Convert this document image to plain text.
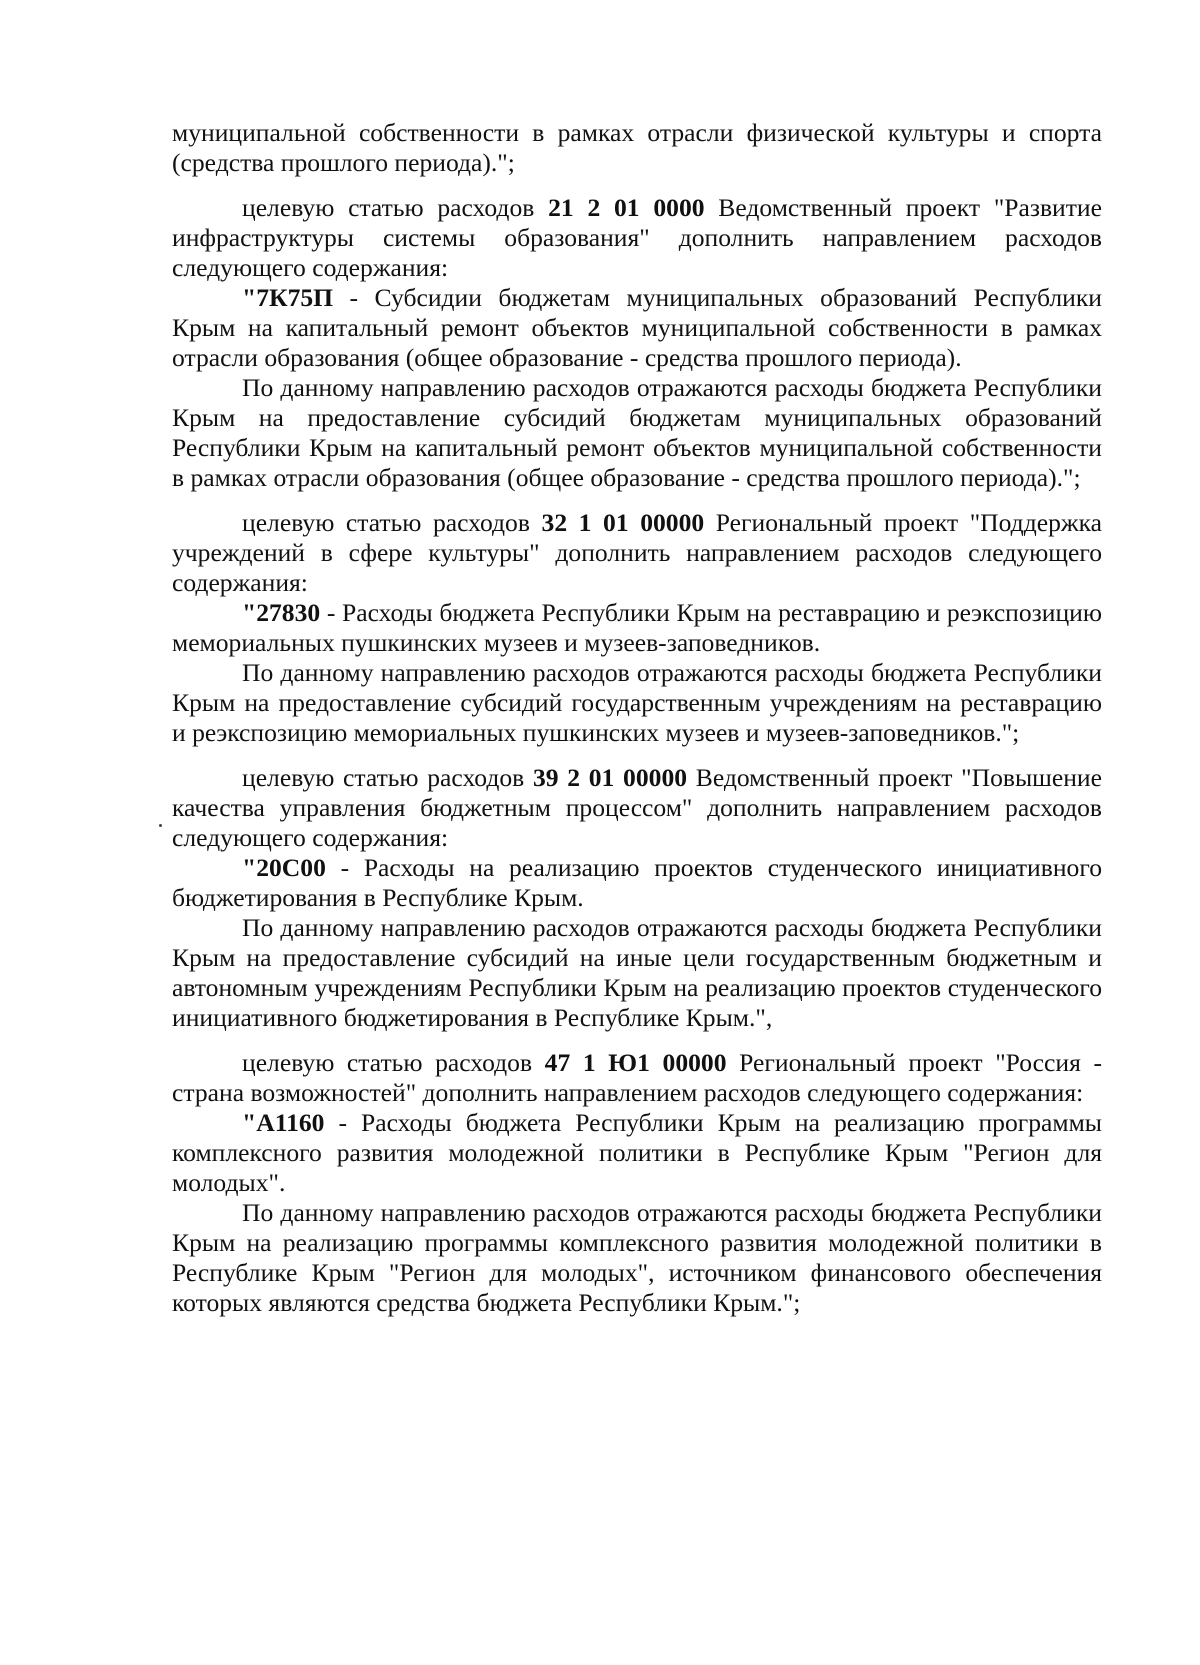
муниципальной собственности в рамках отрасли физической культуры и спорта (средства прошлого периода).";

целевую статью расходов 21 2 01 0000 Ведомственный проект "Развитие инфраструктуры системы образования" дополнить направлением расходов следующего содержания:

"7К75П - Субсидии бюджетам муниципальных образований Республики Крым на капитальный ремонт объектов муниципальной собственности в рамках отрасли образования (общее образование - средства прошлого периода).

По данному направлению расходов отражаются расходы бюджета Республики Крым на предоставление субсидий бюджетам муниципальных образований Республики Крым на капитальный ремонт объектов муниципальной собственности в рамках отрасли образования (общее образование - средства прошлого периода).";

целевую статью расходов 32 1 01 00000 Региональный проект "Поддержка учреждений в сфере культуры" дополнить направлением расходов следующего содержания:

"27830 - Расходы бюджета Республики Крым на реставрацию и реэкспозицию мемориальных пушкинских музеев и музеев-заповедников.

По данному направлению расходов отражаются расходы бюджета Республики Крым на предоставление субсидий государственным учреждениям на реставрацию и реэкспозицию мемориальных пушкинских музеев и музеев-заповедников.";

целевую статью расходов 39 2 01 00000 Ведомственный проект "Повышение качества управления бюджетным процессом" дополнить направлением расходов следующего содержания:

"20С00 - Расходы на реализацию проектов студенческого инициативного бюджетирования в Республике Крым.

По данному направлению расходов отражаются расходы бюджета Республики Крым на предоставление субсидий на иные цели государственным бюджетным и автономным учреждениям Республики Крым на реализацию проектов студенческого инициативного бюджетирования в Республике Крым.",

целевую статью расходов 47 1 Ю1 00000 Региональный проект "Россия - страна возможностей" дополнить направлением расходов следующего содержания:

"А1160 - Расходы бюджета Республики Крым на реализацию программы комплексного развития молодежной политики в Республике Крым "Регион для молодых".

По данному направлению расходов отражаются расходы бюджета Республики Крым на реализацию программы комплексного развития молодежной политики в Республике Крым "Регион для молодых", источником финансового обеспечения которых являются средства бюджета Республики Крым.";
